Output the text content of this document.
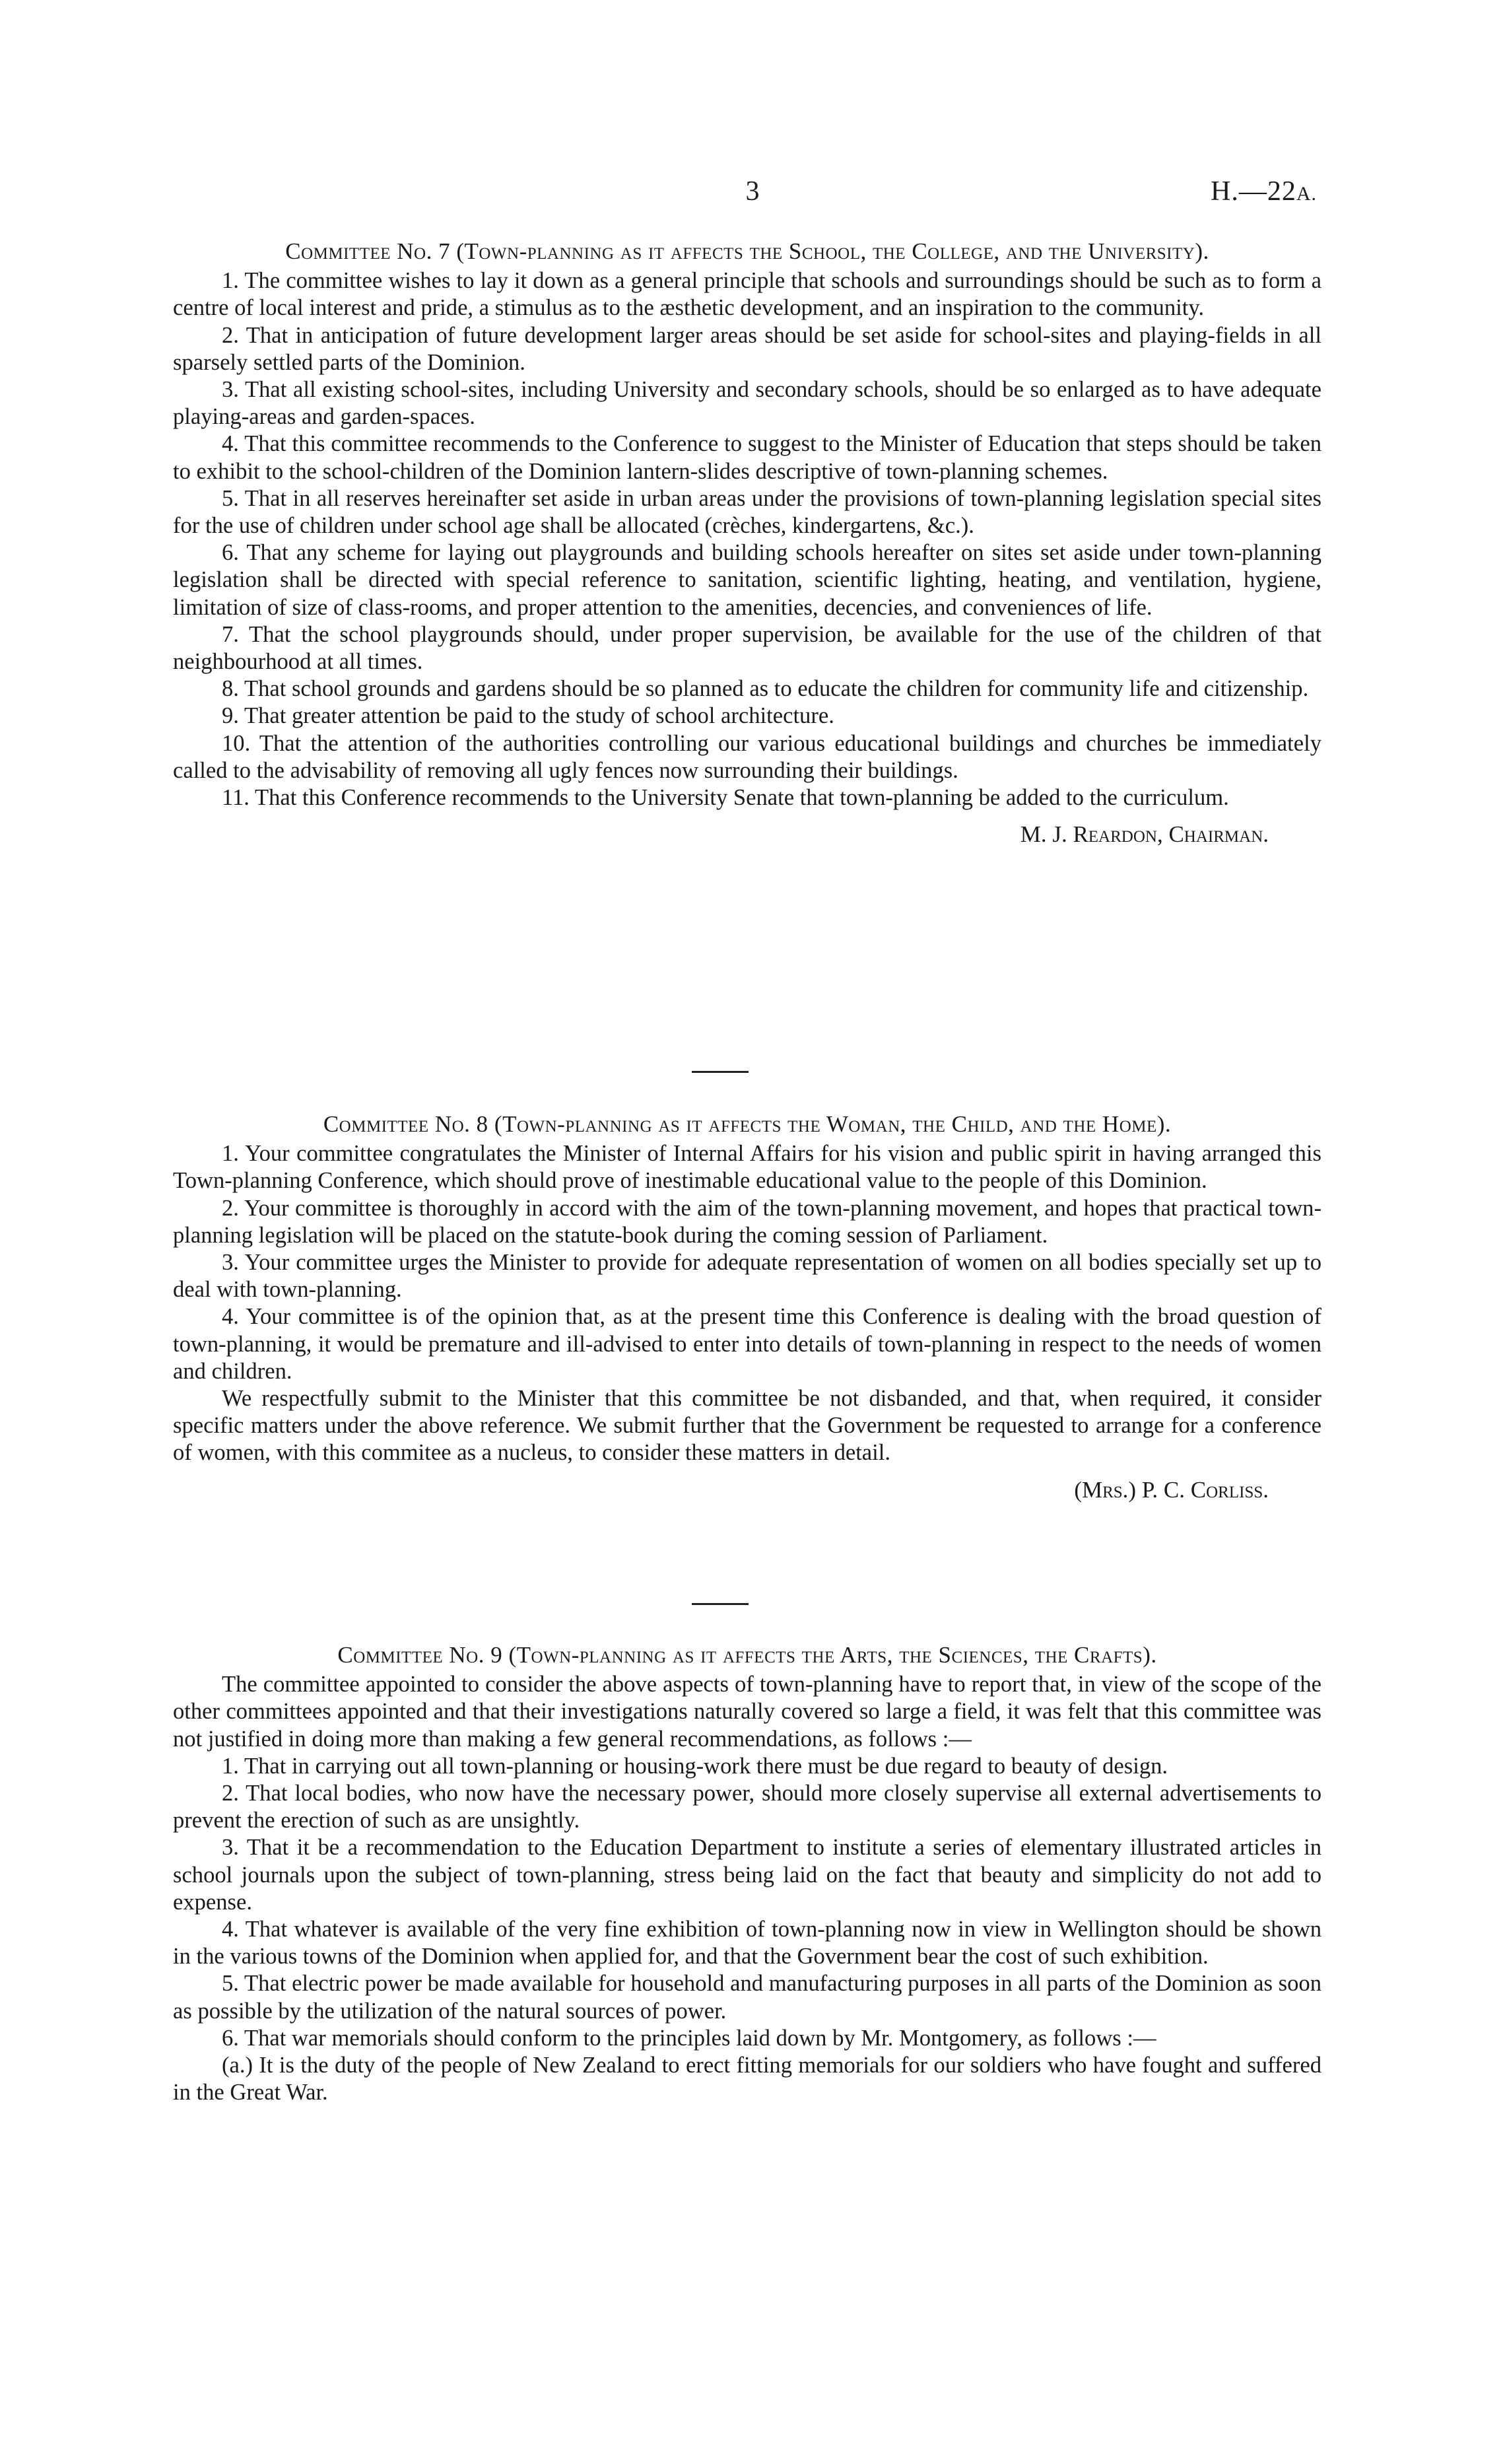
3	H.—22A.

Committee No. 7 (Town-planning as it affects the School, the College, and the University).

1. The committee wishes to lay it down as a general principle that schools and surroundings should be such as to form a centre of local interest and pride, a stimulus as to the æsthetic development, and an inspiration to the community.

2. That in anticipation of future development larger areas should be set aside for school-sites and playing-fields in all sparsely settled parts of the Dominion.

3. That all existing school-sites, including University and secondary schools, should be so enlarged as to have adequate playing-areas and garden-spaces.

4. That this committee recommends to the Conference to suggest to the Minister of Education that steps should be taken to exhibit to the school-children of the Dominion lantern-slides descriptive of town-planning schemes.

5. That in all reserves hereinafter set aside in urban areas under the provisions of town-planning legislation special sites for the use of children under school age shall be allocated (crèches, kindergartens, &c.).

6. That any scheme for laying out playgrounds and building schools hereafter on sites set aside under town-planning legislation shall be directed with special reference to sanitation, scientific lighting, heating, and ventilation, hygiene, limitation of size of class-rooms, and proper attention to the amenities, decencies, and conveniences of life.

7. That the school playgrounds should, under proper supervision, be available for the use of the children of that neighbourhood at all times.

8. That school grounds and gardens should be so planned as to educate the children for community life and citizenship.

9. That greater attention be paid to the study of school architecture.

10. That the attention of the authorities controlling our various educational buildings and churches be immediately called to the advisability of removing all ugly fences now surrounding their buildings.

11. That this Conference recommends to the University Senate that town-planning be added to the curriculum.

M. J. Reardon, Chairman.

Committee No. 8 (Town-planning as it affects the Woman, the Child, and the Home).

1. Your committee congratulates the Minister of Internal Affairs for his vision and public spirit in having arranged this Town-planning Conference, which should prove of inestimable educational value to the people of this Dominion.

2. Your committee is thoroughly in accord with the aim of the town-planning movement, and hopes that practical town-planning legislation will be placed on the statute-book during the coming session of Parliament.

3. Your committee urges the Minister to provide for adequate representation of women on all bodies specially set up to deal with town-planning.

4. Your committee is of the opinion that, as at the present time this Conference is dealing with the broad question of town-planning, it would be premature and ill-advised to enter into details of town-planning in respect to the needs of women and children.

We respectfully submit to the Minister that this committee be not disbanded, and that, when required, it consider specific matters under the above reference. We submit further that the Government be requested to arrange for a conference of women, with this commitee as a nucleus, to consider these matters in detail.

(Mrs.) P. C. Corliss.

Committee No. 9 (Town-planning as it affects the Arts, the Sciences, the Crafts).

The committee appointed to consider the above aspects of town-planning have to report that, in view of the scope of the other committees appointed and that their investigations naturally covered so large a field, it was felt that this committee was not justified in doing more than making a few general recommendations, as follows :—

1. That in carrying out all town-planning or housing-work there must be due regard to beauty of design.

2. That local bodies, who now have the necessary power, should more closely supervise all external advertisements to prevent the erection of such as are unsightly.

3. That it be a recommendation to the Education Department to institute a series of elementary illustrated articles in school journals upon the subject of town-planning, stress being laid on the fact that beauty and simplicity do not add to expense.

4. That whatever is available of the very fine exhibition of town-planning now in view in Wellington should be shown in the various towns of the Dominion when applied for, and that the Government bear the cost of such exhibition.

5. That electric power be made available for household and manufacturing purposes in all parts of the Dominion as soon as possible by the utilization of the natural sources of power.

6. That war memorials should conform to the principles laid down by Mr. Montgomery, as follows :—

(a.) It is the duty of the people of New Zealand to erect fitting memorials for our soldiers who have fought and suffered in the Great War.
